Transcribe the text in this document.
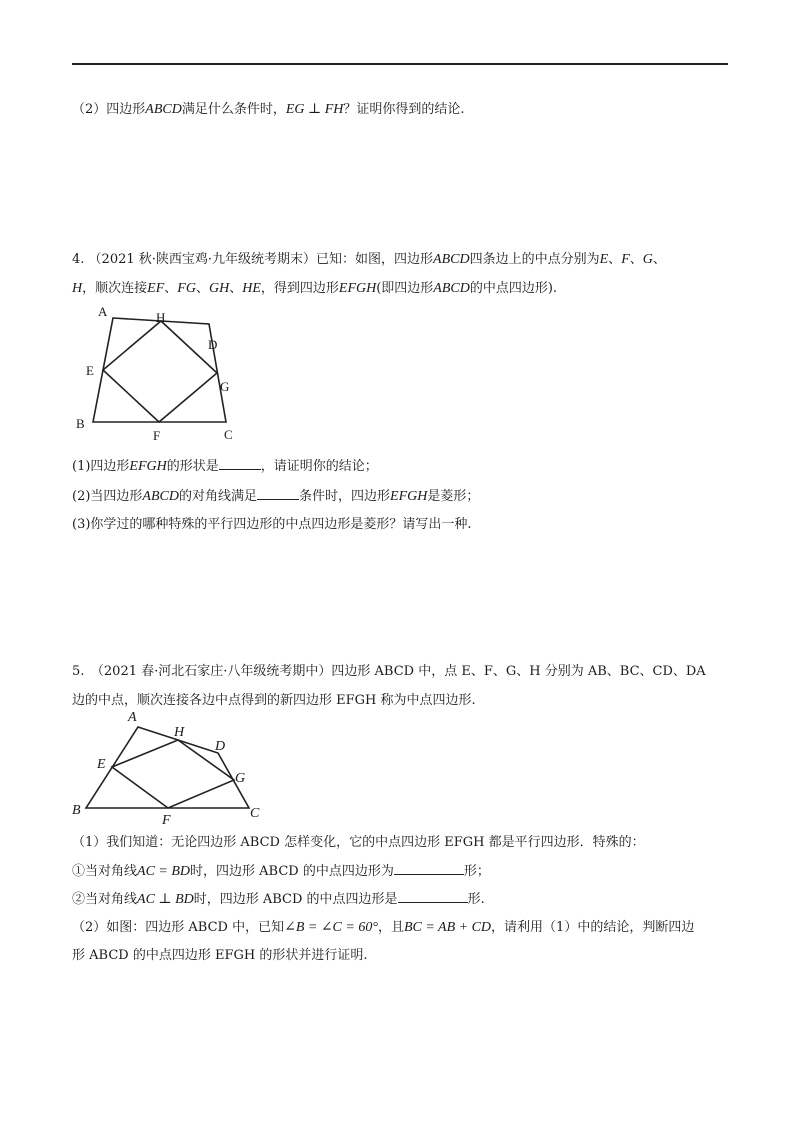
（2）四边形ABCD满足什么条件时，EG ⊥ FH？证明你得到的结论.
4. （2021 秋·陕西宝鸡·九年级统考期末）已知：如图，四边形ABCD四条边上的中点分别为E、F、G、
H，顺次连接EF、FG、GH、HE，得到四边形EFGH(即四边形ABCD的中点四边形).
A	H
D
E
G
B
F	C
(1)四边形EFGH的形状是	，请证明你的结论；
(2)当四边形ABCD的对角线满足	条件时，四边形EFGH是菱形；
(3)你学过的哪种特殊的平行四边形的中点四边形是菱形？请写出一种.
5.　（2021 春·河北石家庄·八年级统考期中）四边形 ABCD 中，点 E、F、G、H 分别为 AB、BC、CD、DA
边的中点，顺次连接各边中点得到的新四边形 EFGH 称为中点四边形.
A
H
D
E
G
B
F	C
（1）我们知道：无论四边形 ABCD 怎样变化，它的中点四边形 EFGH 都是平行四边形．特殊的：
①当对角线AC = BD时，四边形 ABCD 的中点四边形为	形；
②当对角线AC ⊥ BD时，四边形 ABCD 的中点四边形是	形.
（2）如图：四边形 ABCD 中，已知∠B = ∠C = 60°，且BC = AB + CD，请利用（1）中的结论，判断四边
形 ABCD 的中点四边形 EFGH 的形状并进行证明.
